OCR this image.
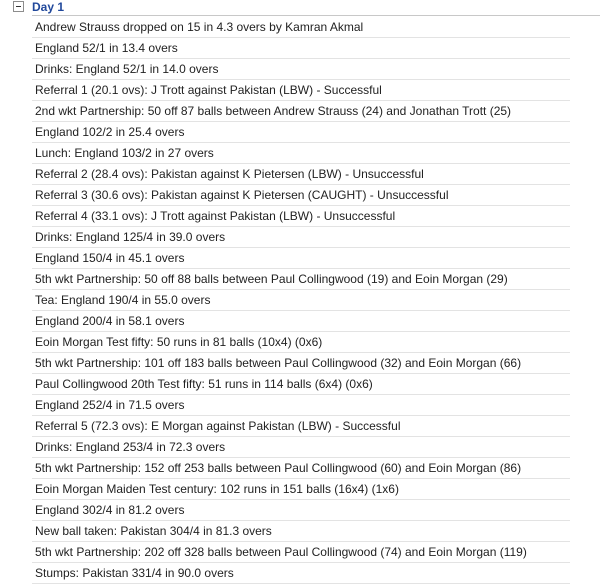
Day 1
Andrew Strauss dropped on 15 in 4.3 overs by Kamran Akmal
England 52/1 in 13.4 overs
Drinks: England 52/1 in 14.0 overs
Referral 1 (20.1 ovs): J Trott against Pakistan (LBW) - Successful
2nd wkt Partnership: 50 off 87 balls between Andrew Strauss (24) and Jonathan Trott (25)
England 102/2 in 25.4 overs
Lunch: England 103/2 in 27 overs
Referral 2 (28.4 ovs): Pakistan against K Pietersen (LBW) - Unsuccessful
Referral 3 (30.6 ovs): Pakistan against K Pietersen (CAUGHT) - Unsuccessful
Referral 4 (33.1 ovs): J Trott against Pakistan (LBW) - Unsuccessful
Drinks: England 125/4 in 39.0 overs
England 150/4 in 45.1 overs
5th wkt Partnership: 50 off 88 balls between Paul Collingwood (19) and Eoin Morgan (29)
Tea: England 190/4 in 55.0 overs
England 200/4 in 58.1 overs
Eoin Morgan Test fifty: 50 runs in 81 balls (10x4) (0x6)
5th wkt Partnership: 101 off 183 balls between Paul Collingwood (32) and Eoin Morgan (66)
Paul Collingwood 20th Test fifty: 51 runs in 114 balls (6x4) (0x6)
England 252/4 in 71.5 overs
Referral 5 (72.3 ovs): E Morgan against Pakistan (LBW) - Successful
Drinks: England 253/4 in 72.3 overs
5th wkt Partnership: 152 off 253 balls between Paul Collingwood (60) and Eoin Morgan (86)
Eoin Morgan Maiden Test century: 102 runs in 151 balls (16x4) (1x6)
England 302/4 in 81.2 overs
New ball taken: Pakistan 304/4 in 81.3 overs
5th wkt Partnership: 202 off 328 balls between Paul Collingwood (74) and Eoin Morgan (119)
Stumps: Pakistan 331/4 in 90.0 overs
